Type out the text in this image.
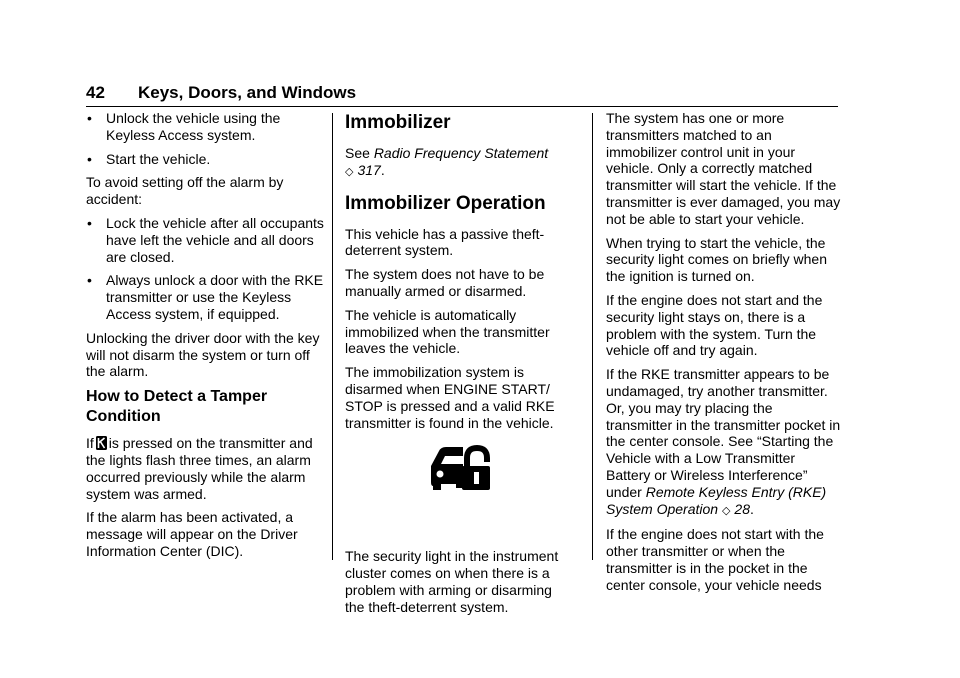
42 Keys, Doors, and Windows
• Unlock the vehicle using the Keyless Access system.
• Start the vehicle.

To avoid setting off the alarm by accident:

• Lock the vehicle after all occupants have left the vehicle and all doors are closed.
• Always unlock a door with the RKE transmitter or use the Keyless Access system, if equipped.

Unlocking the driver door with the key will not disarm the system or turn off the alarm.

How to Detect a Tamper Condition

If is pressed on the transmitter and the lights flash three times, an alarm occurred previously while the alarm system was armed.

If the alarm has been activated, a message will appear on the Driver Information Center (DIC).

Immobilizer

See Radio Frequency Statement
◇ 317.

Immobilizer Operation

This vehicle has a passive theft-deterrent system.

The system does not have to be manually armed or disarmed.

The vehicle is automatically immobilized when the transmitter leaves the vehicle.

The immobilization system is disarmed when ENGINE START/ STOP is pressed and a valid RKE transmitter is found in the vehicle.

The security light in the instrument cluster comes on when there is a problem with arming or disarming the theft-deterrent system.

The system has one or more transmitters matched to an immobilizer control unit in your vehicle. Only a correctly matched transmitter will start the vehicle. If the transmitter is ever damaged, you may not be able to start your vehicle.

When trying to start the vehicle, the security light comes on briefly when the ignition is turned on.

If the engine does not start and the security light stays on, there is a problem with the system. Turn the vehicle off and try again.

If the RKE transmitter appears to be undamaged, try another transmitter. Or, you may try placing the transmitter in the transmitter pocket in the center console. See “Starting the Vehicle with a Low Transmitter Battery or Wireless Interference” under Remote Keyless Entry (RKE) System Operation ◇ 28.

If the engine does not start with the other transmitter or when the transmitter is in the pocket in the center console, your vehicle needs
